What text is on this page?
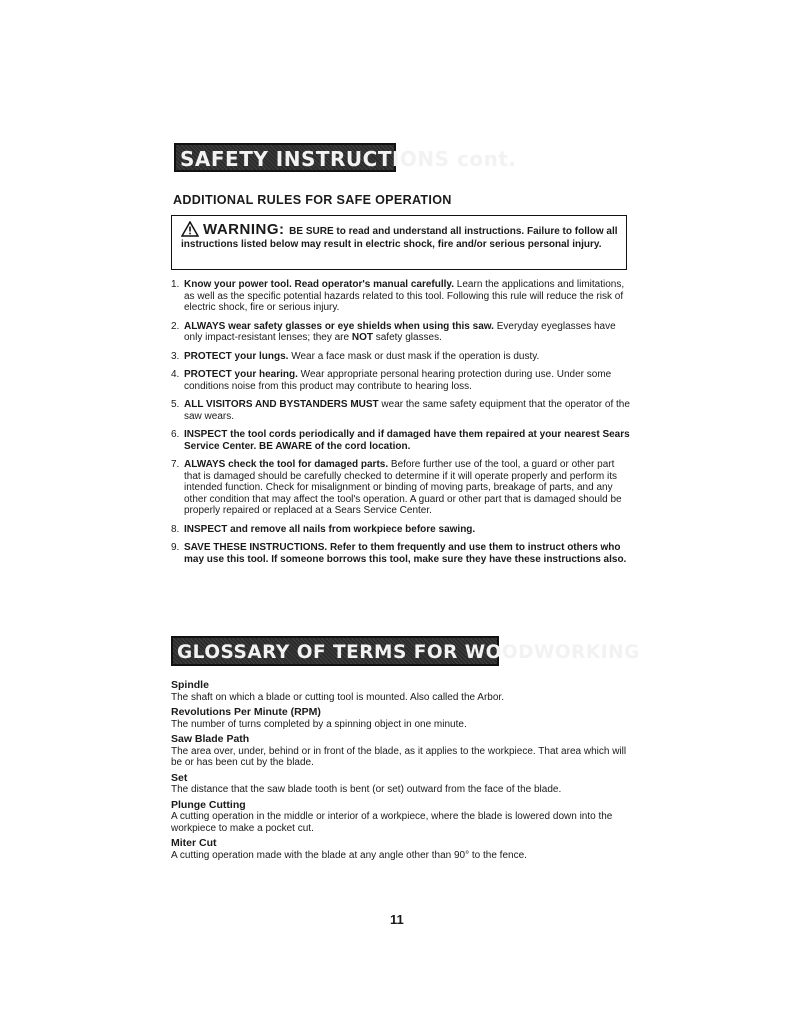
SAFETY INSTRUCTIONS cont.
ADDITIONAL RULES FOR SAFE OPERATION
WARNING: BE SURE to read and understand all instructions. Failure to follow all instructions listed below may result in electric shock, fire and/or serious personal injury.
1. Know your power tool. Read operator's manual carefully. Learn the applications and limitations, as well as the specific potential hazards related to this tool. Following this rule will reduce the risk of electric shock, fire or serious injury.
2. ALWAYS wear safety glasses or eye shields when using this saw. Everyday eyeglasses have only impact-resistant lenses; they are NOT safety glasses.
3. PROTECT your lungs. Wear a face mask or dust mask if the operation is dusty.
4. PROTECT your hearing. Wear appropriate personal hearing protection during use. Under some conditions noise from this product may contribute to hearing loss.
5. ALL VISITORS AND BYSTANDERS MUST wear the same safety equipment that the operator of the saw wears.
6. INSPECT the tool cords periodically and if damaged have them repaired at your nearest Sears Service Center. BE AWARE of the cord location.
7. ALWAYS check the tool for damaged parts. Before further use of the tool, a guard or other part that is damaged should be carefully checked to determine if it will operate properly and perform its intended function. Check for misalignment or binding of moving parts, breakage of parts, and any other condition that may affect the tool's operation. A guard or other part that is damaged should be properly repaired or replaced at a Sears Service Center.
8. INSPECT and remove all nails from workpiece before sawing.
9. SAVE THESE INSTRUCTIONS. Refer to them frequently and use them to instruct others who may use this tool. If someone borrows this tool, make sure they have these instructions also.
GLOSSARY OF TERMS FOR WOODWORKING
Spindle
The shaft on which a blade or cutting tool is mounted. Also called the Arbor.
Revolutions Per Minute (RPM)
The number of turns completed by a spinning object in one minute.
Saw Blade Path
The area over, under, behind or in front of the blade, as it applies to the workpiece. That area which will be or has been cut by the blade.
Set
The distance that the saw blade tooth is bent (or set) outward from the face of the blade.
Plunge Cutting
A cutting operation in the middle or interior of a workpiece, where the blade is lowered down into the workpiece to make a pocket cut.
Miter Cut
A cutting operation made with the blade at any angle other than 90° to the fence.
11
